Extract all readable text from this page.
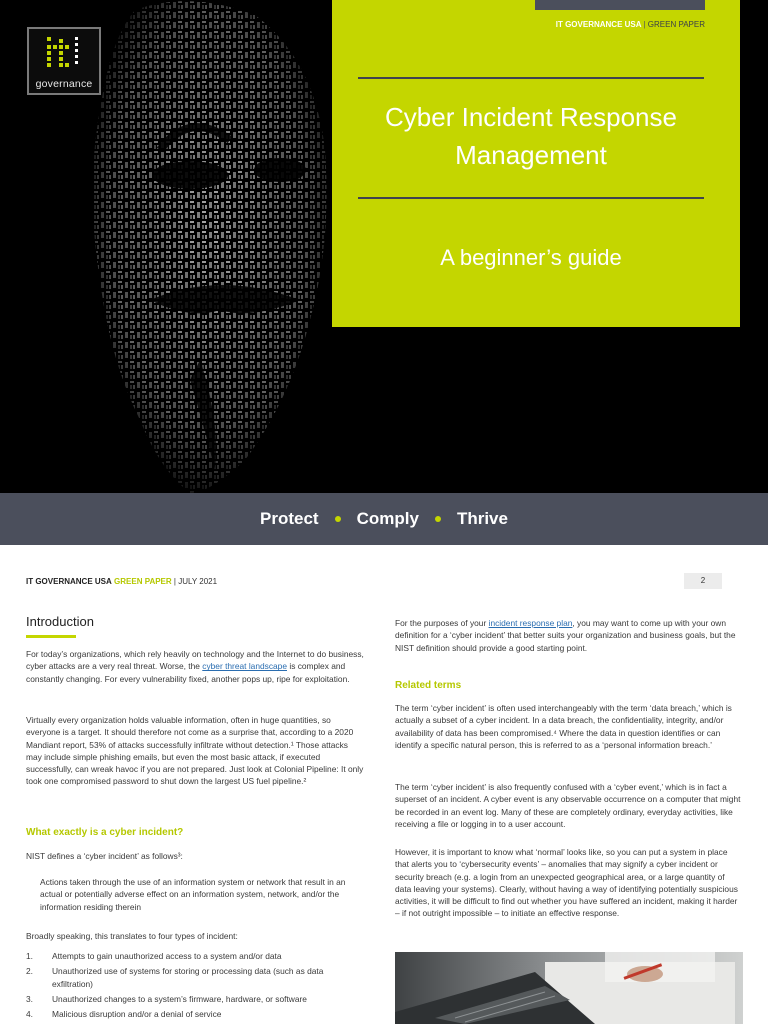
governance
IT GOVERNANCE USA | GREEN PAPER
Cyber Incident Response
Management
A beginner’s guide
Protect Comply Thrive
IT GOVERNANCE USA GREEN PAPER | JULY 2021	2
Introduction
For today’s organizations, which rely heavily on technology and the Internet to do business, cyber attacks are a very real threat. Worse, the cyber threat landscape is complex and constantly changing. For every vulnerability fixed, another pops up, ripe for exploitation.
Virtually every organization holds valuable information, often in huge quantities, so everyone is a target. It should therefore not come as a surprise that, according to a 2020 Mandiant report, 53% of attacks successfully infiltrate without detection.¹ Those attacks may include simple phishing emails, but even the most basic attack, if executed successfully, can wreak havoc if you are not prepared. Just look at Colonial Pipeline: It only took one compromised password to shut down the largest US fuel pipeline.²
What exactly is a cyber incident?
NIST defines a ‘cyber incident’ as follows³:
Actions taken through the use of an information system or network that result in an actual or potentially adverse effect on an information system, network, and/or the information residing therein
Broadly speaking, this translates to four types of incident:
1. Attempts to gain unauthorized access to a system and/or data
2. Unauthorized use of systems for storing or processing data (such as data exfiltration)
3. Unauthorized changes to a system’s firmware, hardware, or software
4. Malicious disruption and/or a denial of service
For the purposes of your incident response plan, you may want to come up with your own definition for a ‘cyber incident’ that better suits your organization and business goals, but the NIST definition should provide a good starting point.
Related terms
The term ‘cyber incident’ is often used interchangeably with the term ‘data breach,’ which is actually a subset of a cyber incident. In a data breach, the confidentiality, integrity, and/or availability of data has been compromised.⁴ Where the data in question identifies or can identify a specific natural person, this is referred to as a ‘personal information breach.’
The term ‘cyber incident’ is also frequently confused with a ‘cyber event,’ which is in fact a superset of an incident. A cyber event is any observable occurrence on a computer that might be recorded in an event log. Many of these are completely ordinary, everyday activities, like receiving a file or logging in to a user account.
However, it is important to know what ‘normal’ looks like, so you can put a system in place that alerts you to ‘cybersecurity events’ – anomalies that may signify a cyber incident or security breach (e.g. a login from an unexpected geographical area, or a large quantity of data leaving your systems). Clearly, without having a way of identifying potentially suspicious activities, it will be difficult to find out whether you have suffered an incident, making it harder – if not outright impossible – to initiate an effective response.
